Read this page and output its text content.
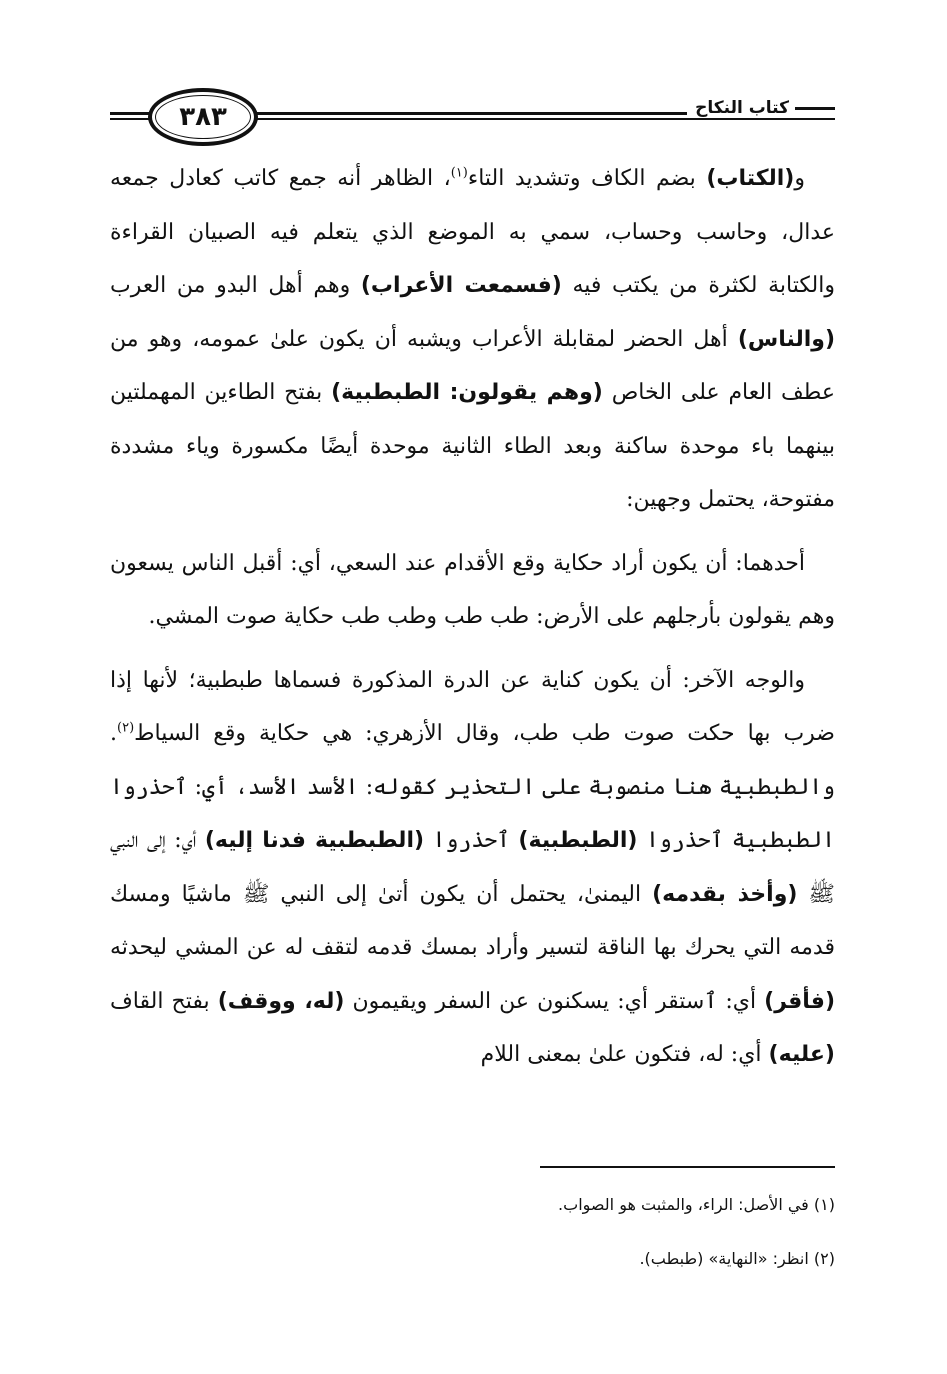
كتاب النكاح
٣٨٣

و(الكتاب) بضم الكاف وتشديد التاء$^{(١)}$، الظاهر أنه جمع كاتب كعادل جمعه عدال، وحاسب وحساب، سمي به الموضع الذي يتعلم فيه الصبيان القراءة والكتابة لكثرة من يكتب فيه (فسمعت الأعراب) وهم أهل البدو من العرب (والناس) أهل الحضر لمقابلة الأعراب ويشبه أن يكون علىٰ عمومه، وهو من عطف العام على الخاص (وهم يقولون: الطبطبية) بفتح الطاءين المهملتين بينهما باء موحدة ساكنة وبعد الطاء الثانية موحدة أيضًا مكسورة وياء مشددة مفتوحة، يحتمل وجهين:

أحدهما: أن يكون أراد حكاية وقع الأقدام عند السعي، أي: أقبل الناس يسعون وهم يقولون بأرجلهم على الأرض: طب طب وطب طب حكاية صوت المشي.

والوجه الآخر: أن يكون كناية عن الدرة المذكورة فسماها طبطبية؛ لأنها إذا ضرب بها حكت صوت طب طب، وقال الأزهري: هي حكاية وقع السياط$^{(٢)}$. والطبطبية هنا منصوبة على التحذير كقوله: الأسد الأسد، أي: ٱحذروا الطبطبية ٱحذروا (الطبطبية) ٱحذروا (الطبطبية فدنا إليه) أي: إلى النبي ﷺ (وأخذ بقدمه) اليمنىٰ، يحتمل أن يكون أتىٰ إلى النبي ﷺ ماشيًا ومسك قدمه التي يحرك بها الناقة لتسير وأراد بمسك قدمه لتقف له عن المشي ليحدثه (فأقر) أي: ٱستقر أي: يسكنون عن السفر ويقيمون (له، ووقف) بفتح القاف (عليه) أي: له، فتكون علىٰ بمعنى اللام

(١) في الأصل: الراء، والمثبت هو الصواب.
(٢) انظر: «النهاية» (طبطب).
